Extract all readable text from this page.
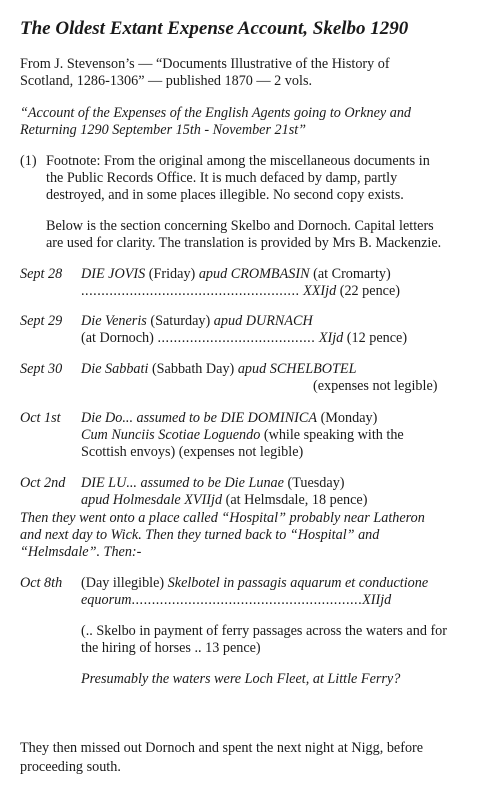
The Oldest Extant Expense Account, Skelbo 1290
From J. Stevenson’s — “Documents Illustrative of the History of
Scotland, 1286-1306” — published 1870 — 2 vols.
“Account of the Expenses of the English Agents going to Orkney and
Returning 1290 September 15th - November 21st”
(1) Footnote: From the original among the miscellaneous documents in
the Public Records Office. It is much defaced by damp, partly
destroyed, and in some places illegible. No second copy exists.
Below is the section concerning Skelbo and Dornoch. Capital letters
are used for clarity. The translation is provided by Mrs B. Mackenzie.
Sept 28 DIE JOVIS (Friday) apud CROMBASIN (at Cromarty)
...................................................... XXIjd (22 pence)
Sept 29 Die Veneris (Saturday) apud DURNACH
(at Dornoch) ....................................... XIjd (12 pence)
Sept 30 Die Sabbati (Sabbath Day) apud SCHELBOTEL
(expenses not legible)
Oct 1st Die Do... assumed to be DIE DOMINICA (Monday)
Cum Nunciis Scotiae Loguendo (while speaking with the
Scottish envoys) (expenses not legible)
Oct 2nd DIE LU... assumed to be Die Lunae (Tuesday)
apud Holmesdale XVIIjd (at Helmsdale, 18 pence)
Then they went onto a place called “Hospital” probably near Latheron
and next day to Wick. Then they turned back to “Hospital” and
“Helmsdale”. Then:-
Oct 8th (Day illegible) Skelbotel in passagis aquarum et conductione
equorum.........................................................XIIjd
(.. Skelbo in payment of ferry passages across the waters and for
the hiring of horses .. 13 pence)
Presumably the waters were Loch Fleet, at Little Ferry?
They then missed out Dornoch and spent the next night at Nigg, before
proceeding south.
